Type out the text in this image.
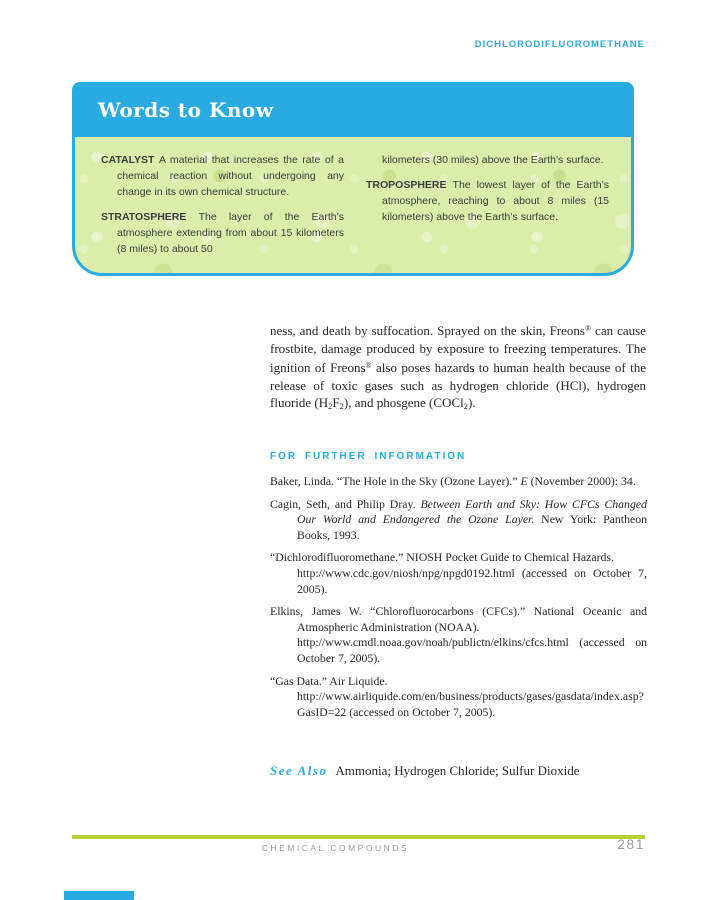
DICHLORODIFLUOROMETHANE
Words to Know
CATALYST A material that increases the rate of a chemical reaction without undergoing any change in its own chemical structure.
STRATOSPHERE The layer of the Earth’s atmosphere extending from about 15 kilometers (8 miles) to about 50
kilometers (30 miles) above the Earth’s surface.
TROPOSPHERE The lowest layer of the Earth’s atmosphere, reaching to about 8 miles (15 kilometers) above the Earth’s surface.

ness, and death by suffocation. Sprayed on the skin, Freons® can cause frostbite, damage produced by exposure to freezing temperatures. The ignition of Freons® also poses hazards to human health because of the release of toxic gases such as hydrogen chloride (HCl), hydrogen fluoride $(H_2F_2)$, and phosgene (COCl$_2$).

FOR FURTHER INFORMATION
Baker, Linda. “The Hole in the Sky (Ozone Layer).” E (November 2000): 34.
Cagin, Seth, and Philip Dray. Between Earth and Sky: How CFCs Changed Our World and Endangered the Ozone Layer. New York: Pantheon Books, 1993.
“Dichlorodifluoromethane.” NIOSH Pocket Guide to Chemical Hazards.
http://www.cdc.gov/niosh/npg/npgd0192.html (accessed on October 7, 2005).
Elkins, James W. “Chlorofluorocarbons (CFCs).” National Oceanic and Atmospheric Administration (NOAA).
http://www.cmdl.noaa.gov/noah/publictn/elkins/cfcs.html (accessed on October 7, 2005).
“Gas Data.” Air Liquide.
http://www.airliquide.com/en/business/products/gases/gasdata/index.asp?GasID=22 (accessed on October 7, 2005).

See Also Ammonia; Hydrogen Chloride; Sulfur Dioxide

CHEMICAL COMPOUNDS	281
